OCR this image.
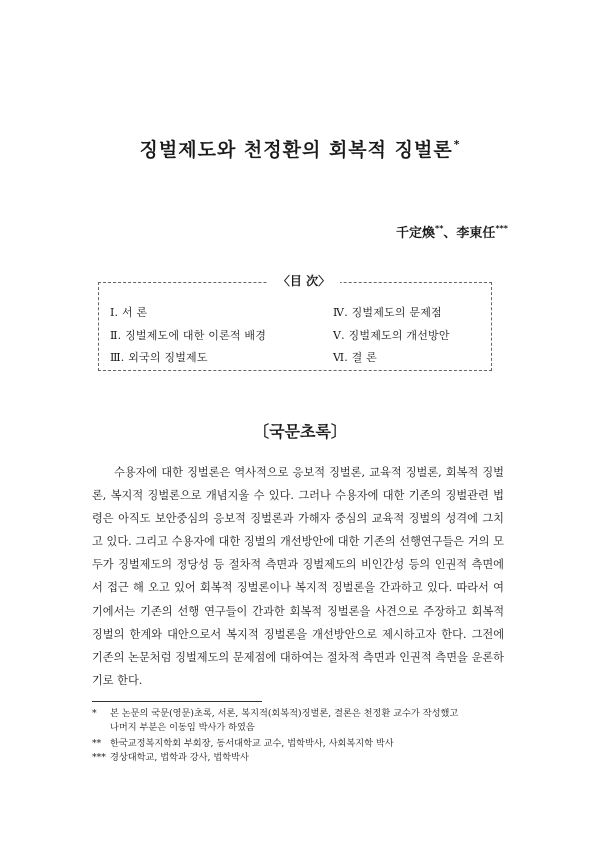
징벌제도와 천정환의 회복적 징벌론*
千定煥**、李東任***
〈目 次〉
Ⅰ. 서 론
Ⅱ. 징벌제도에 대한 이론적 배경
Ⅲ. 외국의 징벌제도
Ⅳ. 징벌제도의 문제점
Ⅴ. 징벌제도의 개선방안
Ⅵ. 결 론
〔국문초록〕

수용자에 대한 징벌론은 역사적으로 응보적 징벌론, 교육적 징벌론, 회복적 징벌론, 복지적 징벌론으로 개념지울 수 있다. 그러나 수용자에 대한 기존의 징벌관련 법령은 아직도 보안중심의 응보적 징벌론과 가해자 중심의 교육적 징벌의 성격에 그치고 있다. 그리고 수용자에 대한 징벌의 개선방안에 대한 기존의 선행연구들은 거의 모두가 징벌제도의 정당성 등 절차적 측면과 징벌제도의 비인간성 등의 인권적 측면에서 접근 해 오고 있어 회복적 징벌론이나 복지적 징벌론을 간과하고 있다. 따라서 여기에서는 기존의 선행 연구들이 간과한 회복적 징벌론을 사견으로 주장하고 회복적 징벌의 한계와 대안으로서 복지적 징벌론을 개선방안으로 제시하고자 한다. 그전에 기존의 논문처럼 징벌제도의 문제점에 대하여는 절차적 측면과 인권적 측면을 운론하기로 한다.

* 본 논문의 국문(영문)초록, 서론, 복지적(회복적)징벌론, 결론은 천정환 교수가 작성했고
나머지 부분은 이동임 박사가 하였음
** 한국교정복지학회 부회장, 동서대학교 교수, 법학박사, 사회복지학 박사
*** 경상대학교, 법학과 강사, 법학박사
